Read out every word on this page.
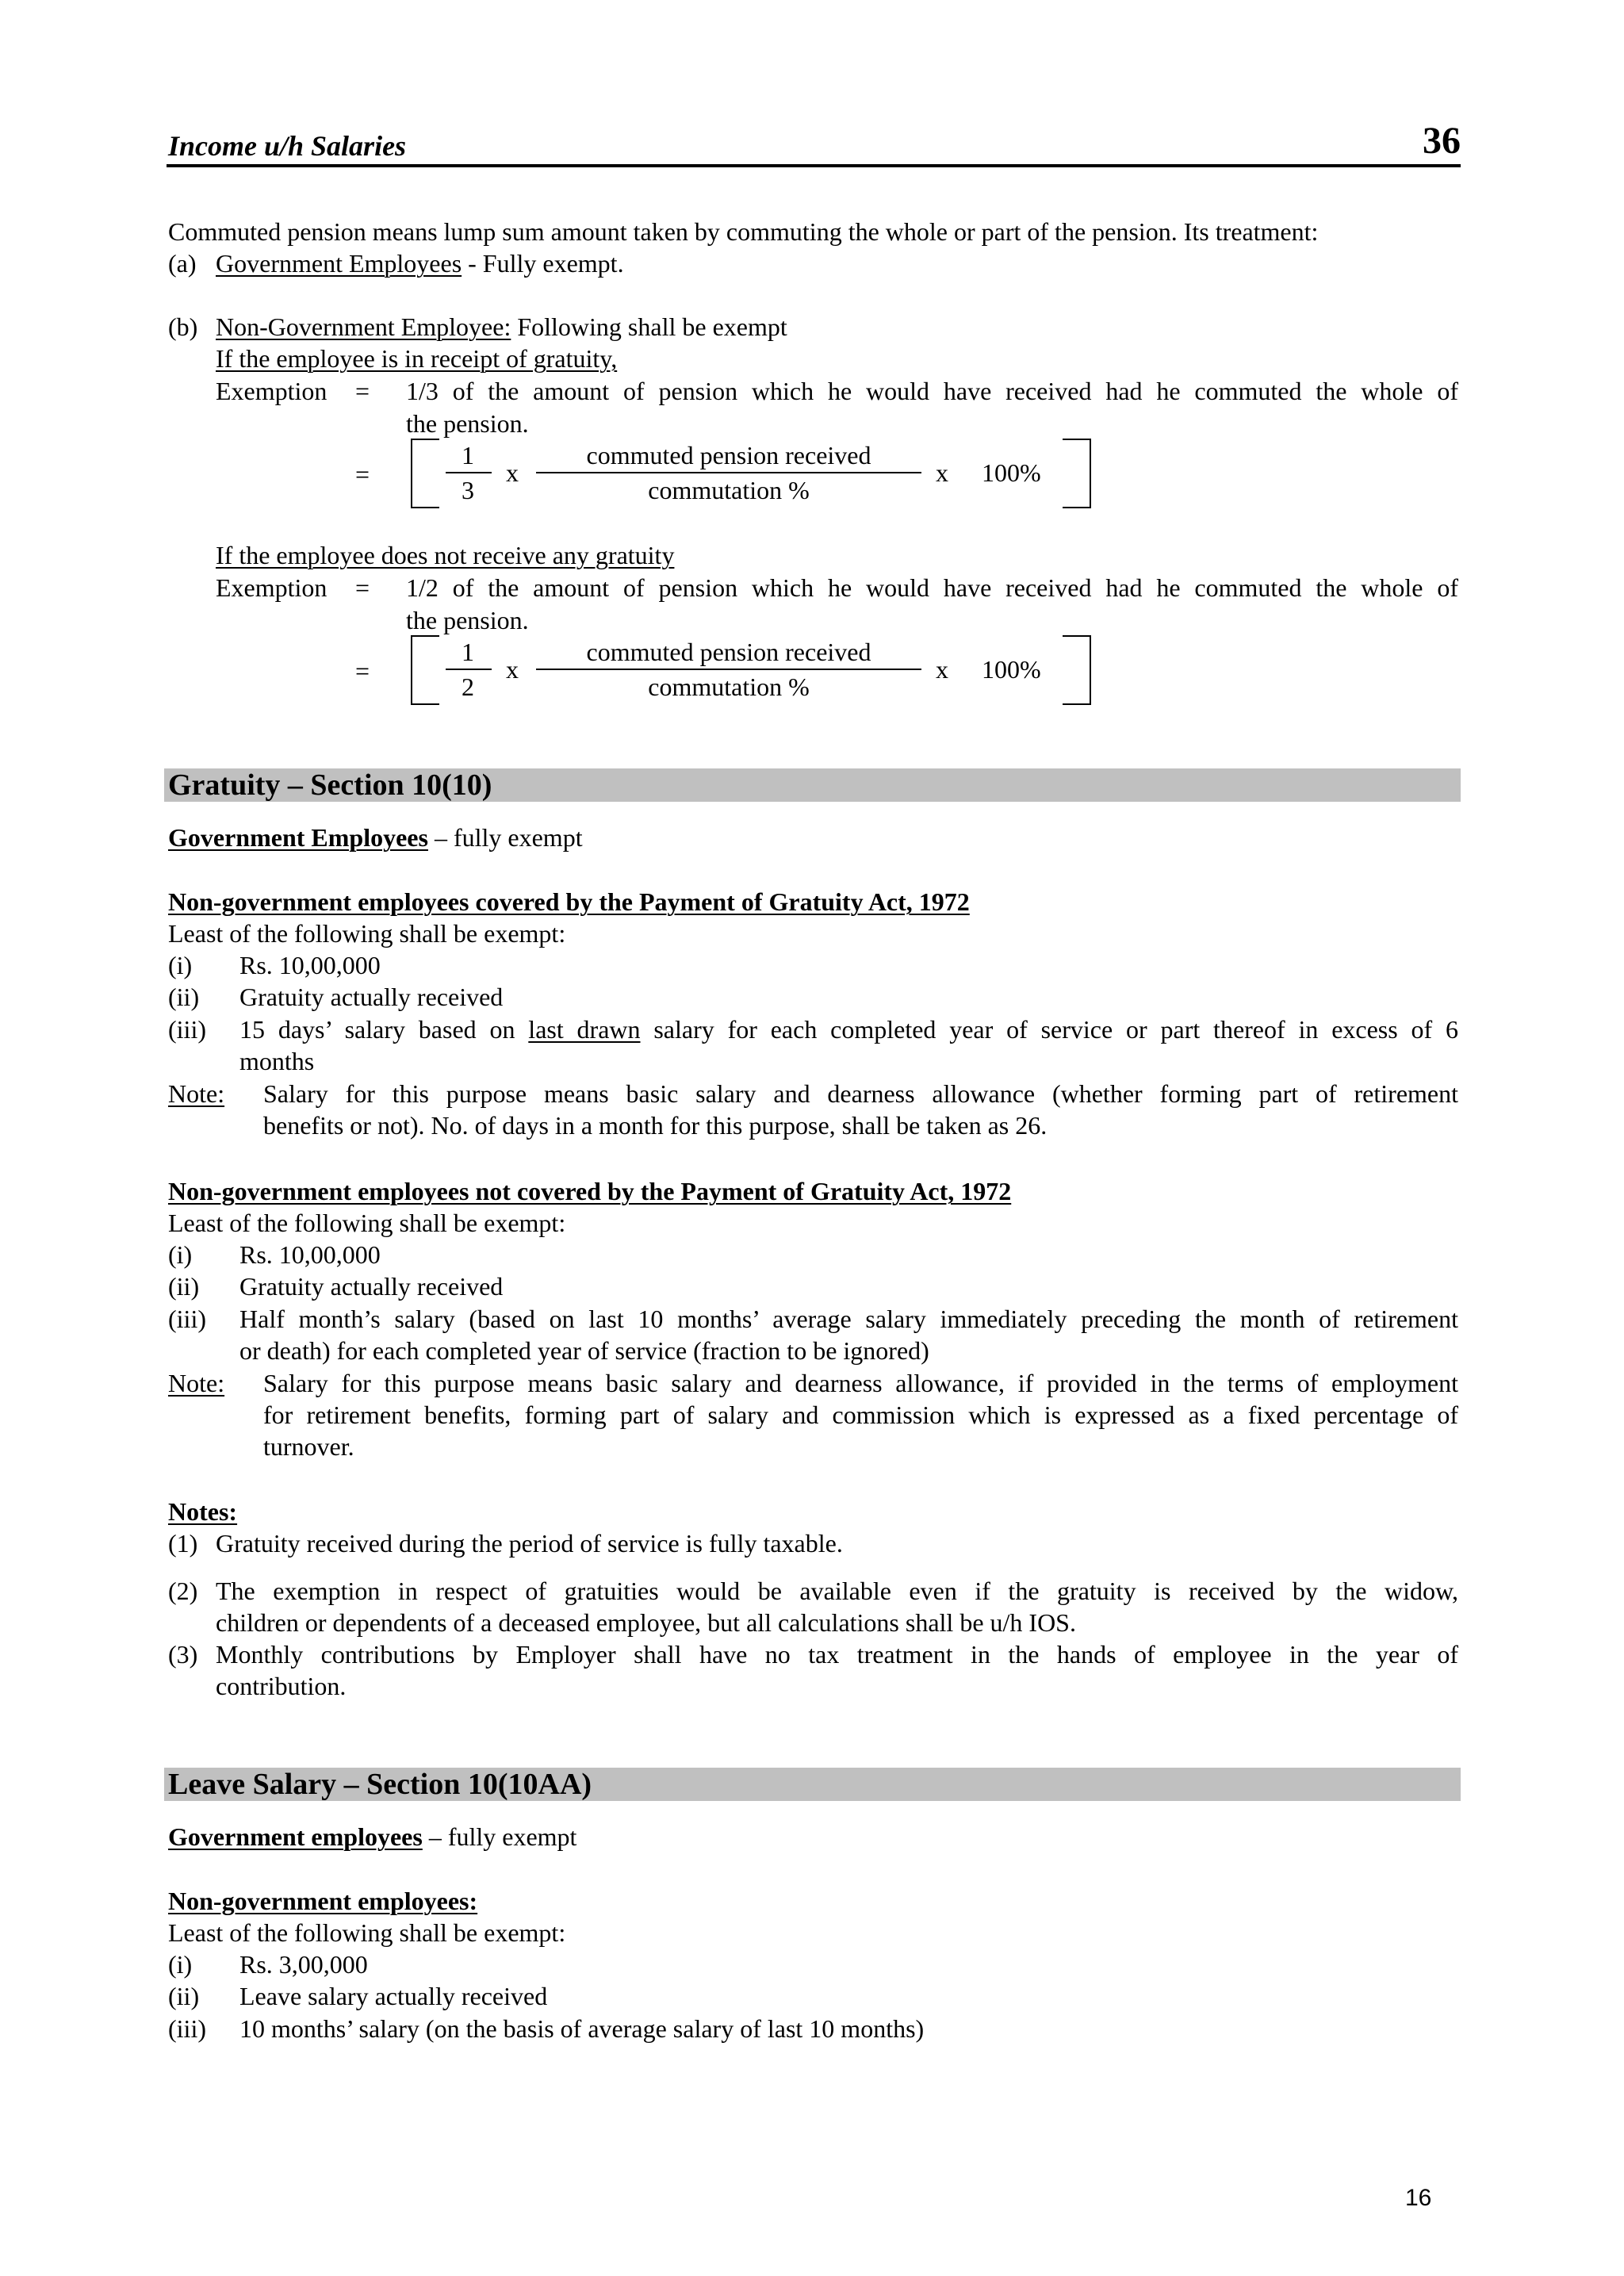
Income u/h Salaries	36
Commuted pension means lump sum amount taken by commuting the whole or part of the pension. Its treatment:
(a) Government Employees - Fully exempt.
(b) Non-Government Employee: Following shall be exempt
If the employee is in receipt of gratuity,
Exemption = 1/3 of the amount of pension which he would have received had he commuted the whole of
the pension.
=
1
3
x
commuted pension received
commutation %
x 100%
If the employee does not receive any gratuity
Exemption = 1/2 of the amount of pension which he would have received had he commuted the whole of
the pension.
=
1
2
x
commuted pension received
commutation %
x 100%
Gratuity – Section 10(10)
Government Employees – fully exempt
Non-government employees covered by the Payment of Gratuity Act, 1972
Least of the following shall be exempt:
(i) Rs. 10,00,000
(ii) Gratuity actually received
(iii) 15 days’ salary based on last drawn salary for each completed year of service or part thereof in excess of 6
months
Note: Salary for this purpose means basic salary and dearness allowance (whether forming part of retirement
benefits or not). No. of days in a month for this purpose, shall be taken as 26.
Non-government employees not covered by the Payment of Gratuity Act, 1972
Least of the following shall be exempt:
(i) Rs. 10,00,000
(ii) Gratuity actually received
(iii) Half month’s salary (based on last 10 months’ average salary immediately preceding the month of retirement
or death) for each completed year of service (fraction to be ignored)
Note: Salary for this purpose means basic salary and dearness allowance, if provided in the terms of employment
for retirement benefits, forming part of salary and commission which is expressed as a fixed percentage of
turnover.
Notes:
(1) Gratuity received during the period of service is fully taxable.
(2) The exemption in respect of gratuities would be available even if the gratuity is received by the widow,
children or dependents of a deceased employee, but all calculations shall be u/h IOS.
(3) Monthly contributions by Employer shall have no tax treatment in the hands of employee in the year of
contribution.
Leave Salary – Section 10(10AA)
Government employees – fully exempt
Non-government employees:
Least of the following shall be exempt:
(i) Rs. 3,00,000
(ii) Leave salary actually received
(iii) 10 months’ salary (on the basis of average salary of last 10 months)
16
